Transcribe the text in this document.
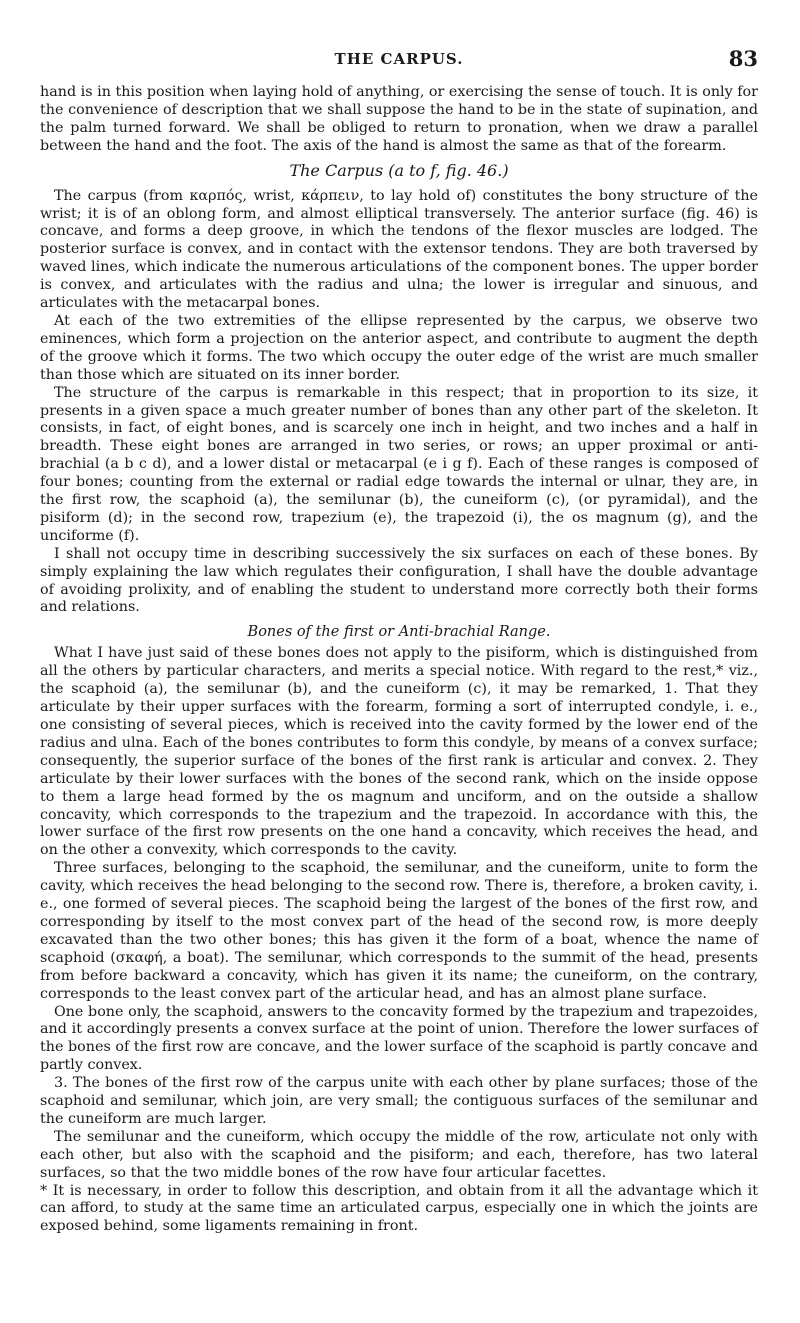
THE CARPUS.	83

hand is in this position when laying hold of anything, or exercising the sense of touch. It is only for the convenience of description that we shall suppose the hand to be in the state of supination, and the palm turned forward. We shall be obliged to return to pronation, when we draw a parallel between the hand and the foot. The axis of the hand is almost the same as that of the forearm.

The Carpus (a to f, fig. 46.)

The carpus (from καρπός, wrist, κάρπειν, to lay hold of) constitutes the bony structure of the wrist; it is of an oblong form, and almost elliptical transversely. The anterior surface (fig. 46) is concave, and forms a deep groove, in which the tendons of the flexor muscles are lodged. The posterior surface is convex, and in contact with the extensor tendons. They are both traversed by waved lines, which indicate the numerous articulations of the component bones. The upper border is convex, and articulates with the radius and ulna; the lower is irregular and sinuous, and articulates with the metacarpal bones.

At each of the two extremities of the ellipse represented by the carpus, we observe two eminences, which form a projection on the anterior aspect, and contribute to augment the depth of the groove which it forms. The two which occupy the outer edge of the wrist are much smaller than those which are situated on its inner border.

The structure of the carpus is remarkable in this respect; that in proportion to its size, it presents in a given space a much greater number of bones than any other part of the skeleton. It consists, in fact, of eight bones, and is scarcely one inch in height, and two inches and a half in breadth. These eight bones are arranged in two series, or rows; an upper proximal or anti-brachial (a b c d), and a lower distal or metacarpal (e i g f). Each of these ranges is composed of four bones; counting from the external or radial edge towards the internal or ulnar, they are, in the first row, the scaphoid (a), the semilunar (b), the cuneiform (c), (or pyramidal), and the pisiform (d); in the second row, trapezium (e), the trapezoid (i), the os magnum (g), and the unciforme (f).

I shall not occupy time in describing successively the six surfaces on each of these bones. By simply explaining the law which regulates their configuration, I shall have the double advantage of avoiding prolixity, and of enabling the student to understand more correctly both their forms and relations.

Bones of the first or Anti-brachial Range.

What I have just said of these bones does not apply to the pisiform, which is distinguished from all the others by particular characters, and merits a special notice. With regard to the rest,* viz., the scaphoid (a), the semilunar (b), and the cuneiform (c), it may be remarked, 1. That they articulate by their upper surfaces with the forearm, forming a sort of interrupted condyle, i. e., one consisting of several pieces, which is received into the cavity formed by the lower end of the radius and ulna. Each of the bones contributes to form this condyle, by means of a convex surface; consequently, the superior surface of the bones of the first rank is articular and convex. 2. They articulate by their lower surfaces with the bones of the second rank, which on the inside oppose to them a large head formed by the os magnum and unciform, and on the outside a shallow concavity, which corresponds to the trapezium and the trapezoid. In accordance with this, the lower surface of the first row presents on the one hand a concavity, which receives the head, and on the other a convexity, which corresponds to the cavity.

Three surfaces, belonging to the scaphoid, the semilunar, and the cuneiform, unite to form the cavity, which receives the head belonging to the second row. There is, therefore, a broken cavity, i. e., one formed of several pieces. The scaphoid being the largest of the bones of the first row, and corresponding by itself to the most convex part of the head of the second row, is more deeply excavated than the two other bones; this has given it the form of a boat, whence the name of scaphoid (σκαφή, a boat). The semilunar, which corresponds to the summit of the head, presents from before backward a concavity, which has given it its name; the cuneiform, on the contrary, corresponds to the least convex part of the articular head, and has an almost plane surface.

One bone only, the scaphoid, answers to the concavity formed by the trapezium and trapezoides, and it accordingly presents a convex surface at the point of union. Therefore the lower surfaces of the bones of the first row are concave, and the lower surface of the scaphoid is partly concave and partly convex.

3. The bones of the first row of the carpus unite with each other by plane surfaces; those of the scaphoid and semilunar, which join, are very small; the contiguous surfaces of the semilunar and the cuneiform are much larger.

The semilunar and the cuneiform, which occupy the middle of the row, articulate not only with each other, but also with the scaphoid and the pisiform; and each, therefore, has two lateral surfaces, so that the two middle bones of the row have four articular facettes.

* It is necessary, in order to follow this description, and obtain from it all the advantage which it can afford, to study at the same time an articulated carpus, especially one in which the joints are exposed behind, some ligaments remaining in front.
